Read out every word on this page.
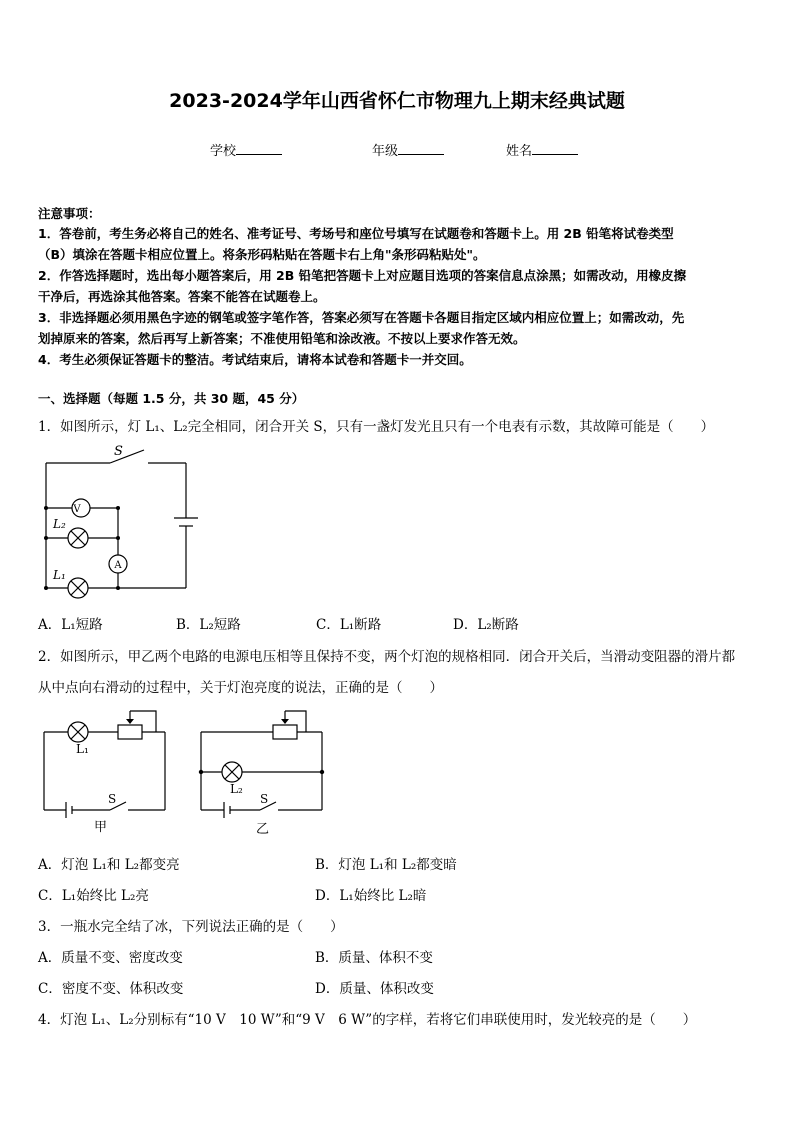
2023-2024学年山西省怀仁市物理九上期末经典试题
学校	年级	姓名
注意事项：
1．答卷前，考生务必将自己的姓名、准考证号、考场号和座位号填写在试题卷和答题卡上。用 2B 铅笔将试卷类型
（B）填涂在答题卡相应位置上。将条形码粘贴在答题卡右上角"条形码粘贴处"。
2．作答选择题时，选出每小题答案后，用 2B 铅笔把答题卡上对应题目选项的答案信息点涂黑；如需改动，用橡皮擦
干净后，再选涂其他答案。答案不能答在试题卷上。
3．非选择题必须用黑色字迹的钢笔或签字笔作答，答案必须写在答题卡各题目指定区域内相应位置上；如需改动，先
划掉原来的答案，然后再写上新答案；不准使用铅笔和涂改液。不按以上要求作答无效。
4．考生必须保证答题卡的整洁。考试结束后，请将本试卷和答题卡一并交回。
一、选择题（每题 1.5 分，共 30 题，45 分）
1．如图所示，灯 L₁、L₂完全相同，闭合开关 S，只有一盏灯发光且只有一个电表有示数，其故障可能是（　　）
S
V
A
L₂
L₁
A．L₁短路	B．L₂短路	C．L₁断路	D．L₂断路
2．如图所示，甲乙两个电路的电源电压相等且保持不变，两个灯泡的规格相同．闭合开关后，当滑动变阻器的滑片都
从中点向右滑动的过程中，关于灯泡亮度的说法，正确的是（　　）
L₁
L₂
S	S
甲	乙
A．灯泡 L₁和 L₂都变亮	B．灯泡 L₁和 L₂都变暗
C．L₁始终比 L₂亮	D．L₁始终比 L₂暗
3．一瓶水完全结了冰，下列说法正确的是（　　）
A．质量不变、密度改变	B．质量、体积不变
C．密度不变、体积改变	D．质量、体积改变
4．灯泡 L₁、L₂分别标有“10 V　10 W”和“9 V　6 W”的字样，若将它们串联使用时，发光较亮的是（　　）
